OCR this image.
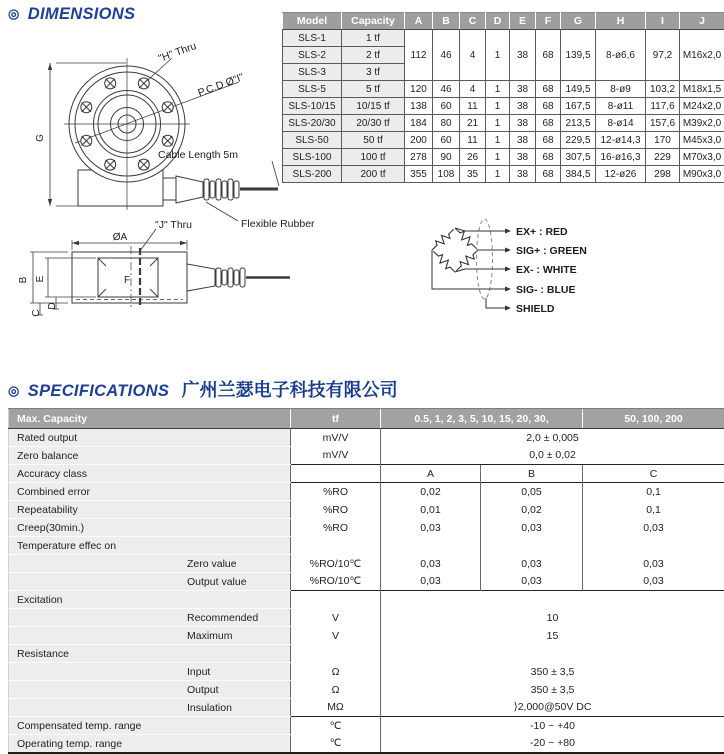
"H" Thru
P.C.D Ø"I"
Cable Length 5m
Flexible Rubber
"J" Thru
ØA
G
B E
C
D
F
EX+ : RED
SIG+ : GREEN
EX- : WHITE
SIG- : BLUE
SHIELD
◎ DIMENSIONS
◎ SPECIFICATIONS 广州兰瑟电子科技有限公司
Model	Capacity	A	B	C	D	E	F	G	H	I	J
SLS-1	1 tf	112	46	4	1	38	68	139,5	8-ø6,6	97,2	M16x2,0
SLS-2	2 tf										
SLS-3	3 tf										
SLS-5	5 tf	120	46	4	1	38	68	149,5	8-ø9	103,2	M18x1,5
SLS-10/15	10/15 tf	138	60	11	1	38	68	167,5	8-ø11	117,6	M24x2,0
SLS-20/30	20/30 tf	184	80	21	1	38	68	213,5	8-ø14	157,6	M39x2,0
SLS-50	50 tf	200	60	11	1	38	68	229,5	12-ø14,3	170	M45x3,0
SLS-100	100 tf	278	90	26	1	38	68	307,5	16-ø16,3	229	M70x3,0
SLS-200	200 tf	355	108	35	1	38	68	384,5	12-ø26	298	M90x3,0
Max. Capacity	tf	0.5, 1, 2, 3, 5, 10, 15, 20, 30,		50, 100, 200
Rated output	mV/V	2,0 ± 0,005		
Zero balance	mV/V	0,0 ± 0,02		
Accuracy class		A	B	C
Combined error	%RO	0,02	0,05	0,1
Repeatability	%RO	0,01	0,02	0,1
Creep(30min.)	%RO	0,03	0,03	0,03
Temperature effec on				
Zero value	%RO/10℃	0,03	0,03	0,03
Output value	%RO/10℃	0,03	0,03	0,03
Excitation				
Recommended	V	10		
Maximum	V	15		
Resistance				
Input	Ω	350 ± 3,5		
Output	Ω	350 ± 3,5		
Insulation	MΩ	⟩2,000@50V DC		
Compensated temp. range	℃	-10 ~ +40		
Operating temp. range	℃	-20 ~ +80		
